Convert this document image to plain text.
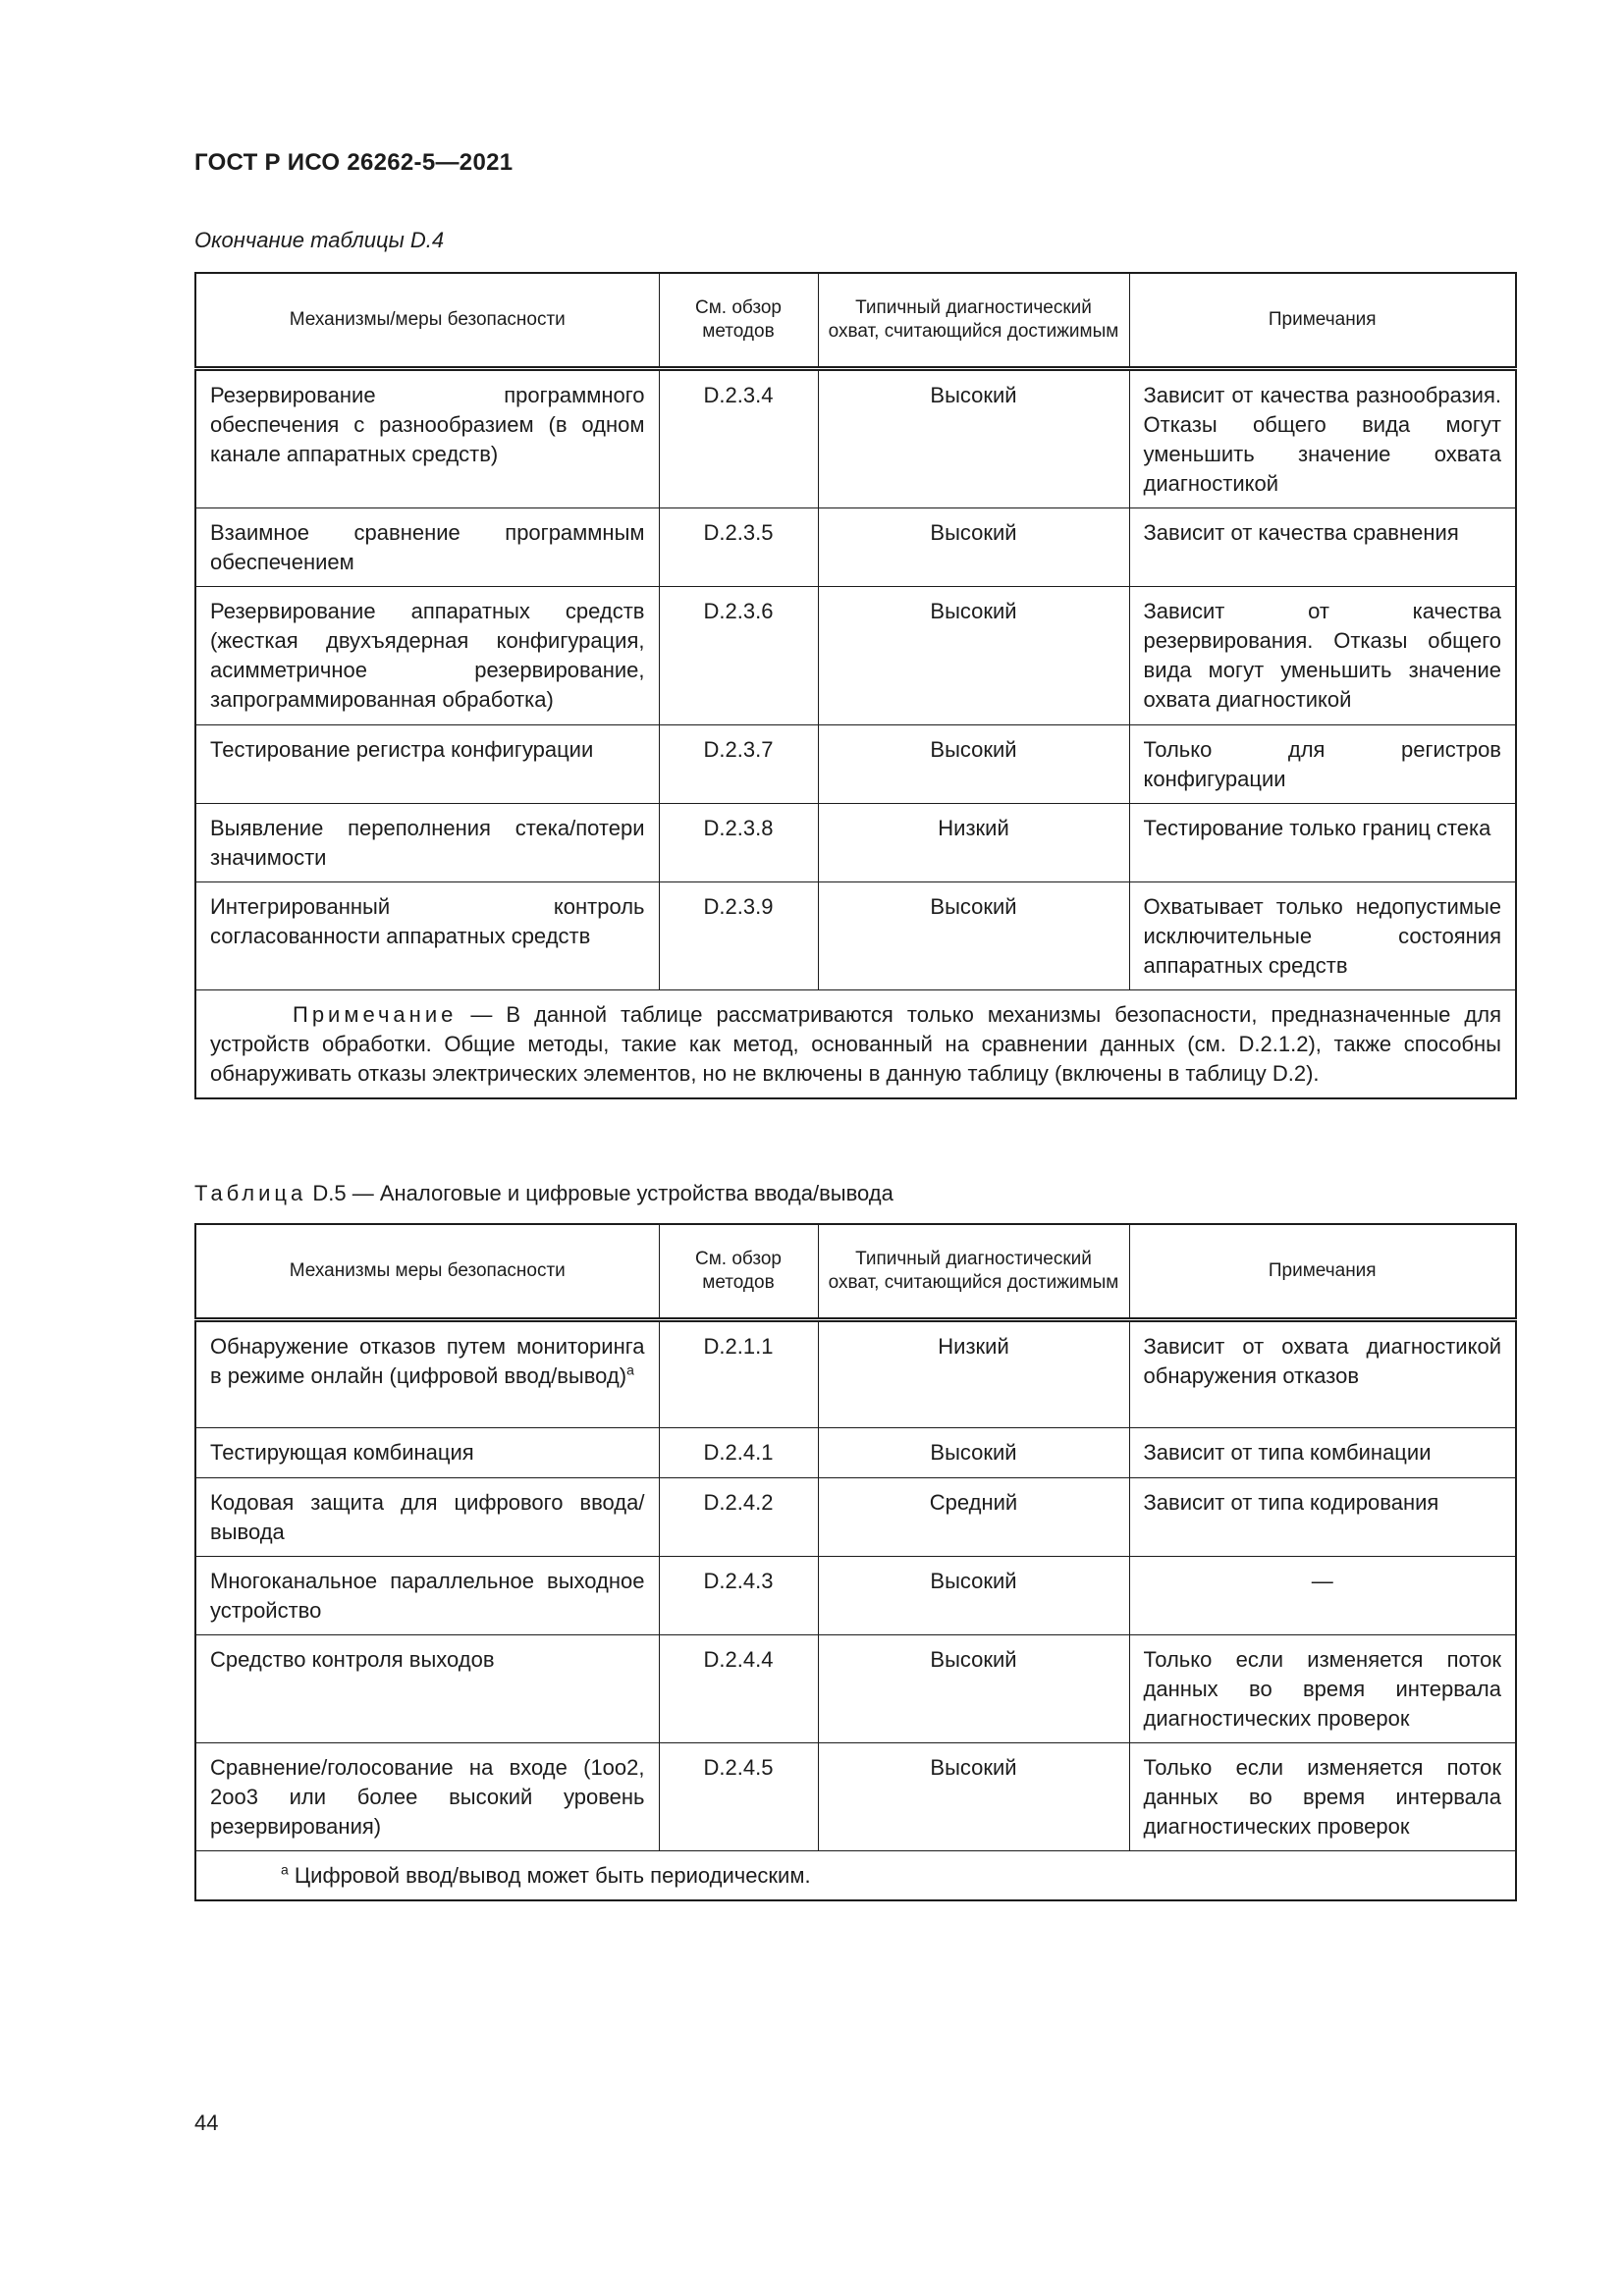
ГОСТ Р ИСО 26262-5—2021
Окончание таблицы D.4
Механизмы/меры безопасности	См. обзор методов	Типичный диагностический охват, считающийся достижимым	Примечания
Резервирование программного обеспечения с разнообразием (в одном канале аппаратных средств)	D.2.3.4	Высокий	Зависит от качества разнообразия. Отказы общего вида могут уменьшить значение охвата диагностикой
Взаимное сравнение программным обеспечением	D.2.3.5	Высокий	Зависит от качества сравнения
Резервирование аппаратных средств (жесткая двухъядерная конфигурация, асимметричное резервирование, запрограммированная обработка)	D.2.3.6	Высокий	Зависит от качества резервирования. Отказы общего вида могут уменьшить значение охвата диагностикой
Тестирование регистра конфигурации	D.2.3.7	Высокий	Только для регистров конфигурации
Выявление переполнения стека/потери значимости	D.2.3.8	Низкий	Тестирование только границ стека
Интегрированный контроль согласованности аппаратных средств	D.2.3.9	Высокий	Охватывает только недопустимые исключительные состояния аппаратных средств
Примечание — В данной таблице рассматриваются только механизмы безопасности, предназначенные для устройств обработки. Общие методы, такие как метод, основанный на сравнении данных (см. D.2.1.2), также способны обнаруживать отказы электрических элементов, но не включены в данную таблицу (включены в таблицу D.2).			
Таблица D.5 — Аналоговые и цифровые устройства ввода/вывода
Механизмы меры безопасности	См. обзор методов	Типичный диагностический охват, считающийся достижимым	Примечания
Обнаружение отказов путем мониторинга в режиме онлайн (цифровой ввод/вывод)$^a$	D.2.1.1	Низкий	Зависит от охвата диагностикой обнаружения отказов
Тестирующая комбинация	D.2.4.1	Высокий	Зависит от типа комбинации
Кодовая защита для цифрового ввода/вывода	D.2.4.2	Средний	Зависит от типа кодирования
Многоканальное параллельное выходное устройство	D.2.4.3	Высокий	—
Средство контроля выходов	D.2.4.4	Высокий	Только если изменяется поток данных во время интервала диагностических проверок
Сравнение/голосование на входе (1oo2, 2oo3 или более высокий уровень резервирования)	D.2.4.5	Высокий	Только если изменяется поток данных во время интервала диагностических проверок
$^a$ Цифровой ввод/вывод может быть периодическим.			
44
